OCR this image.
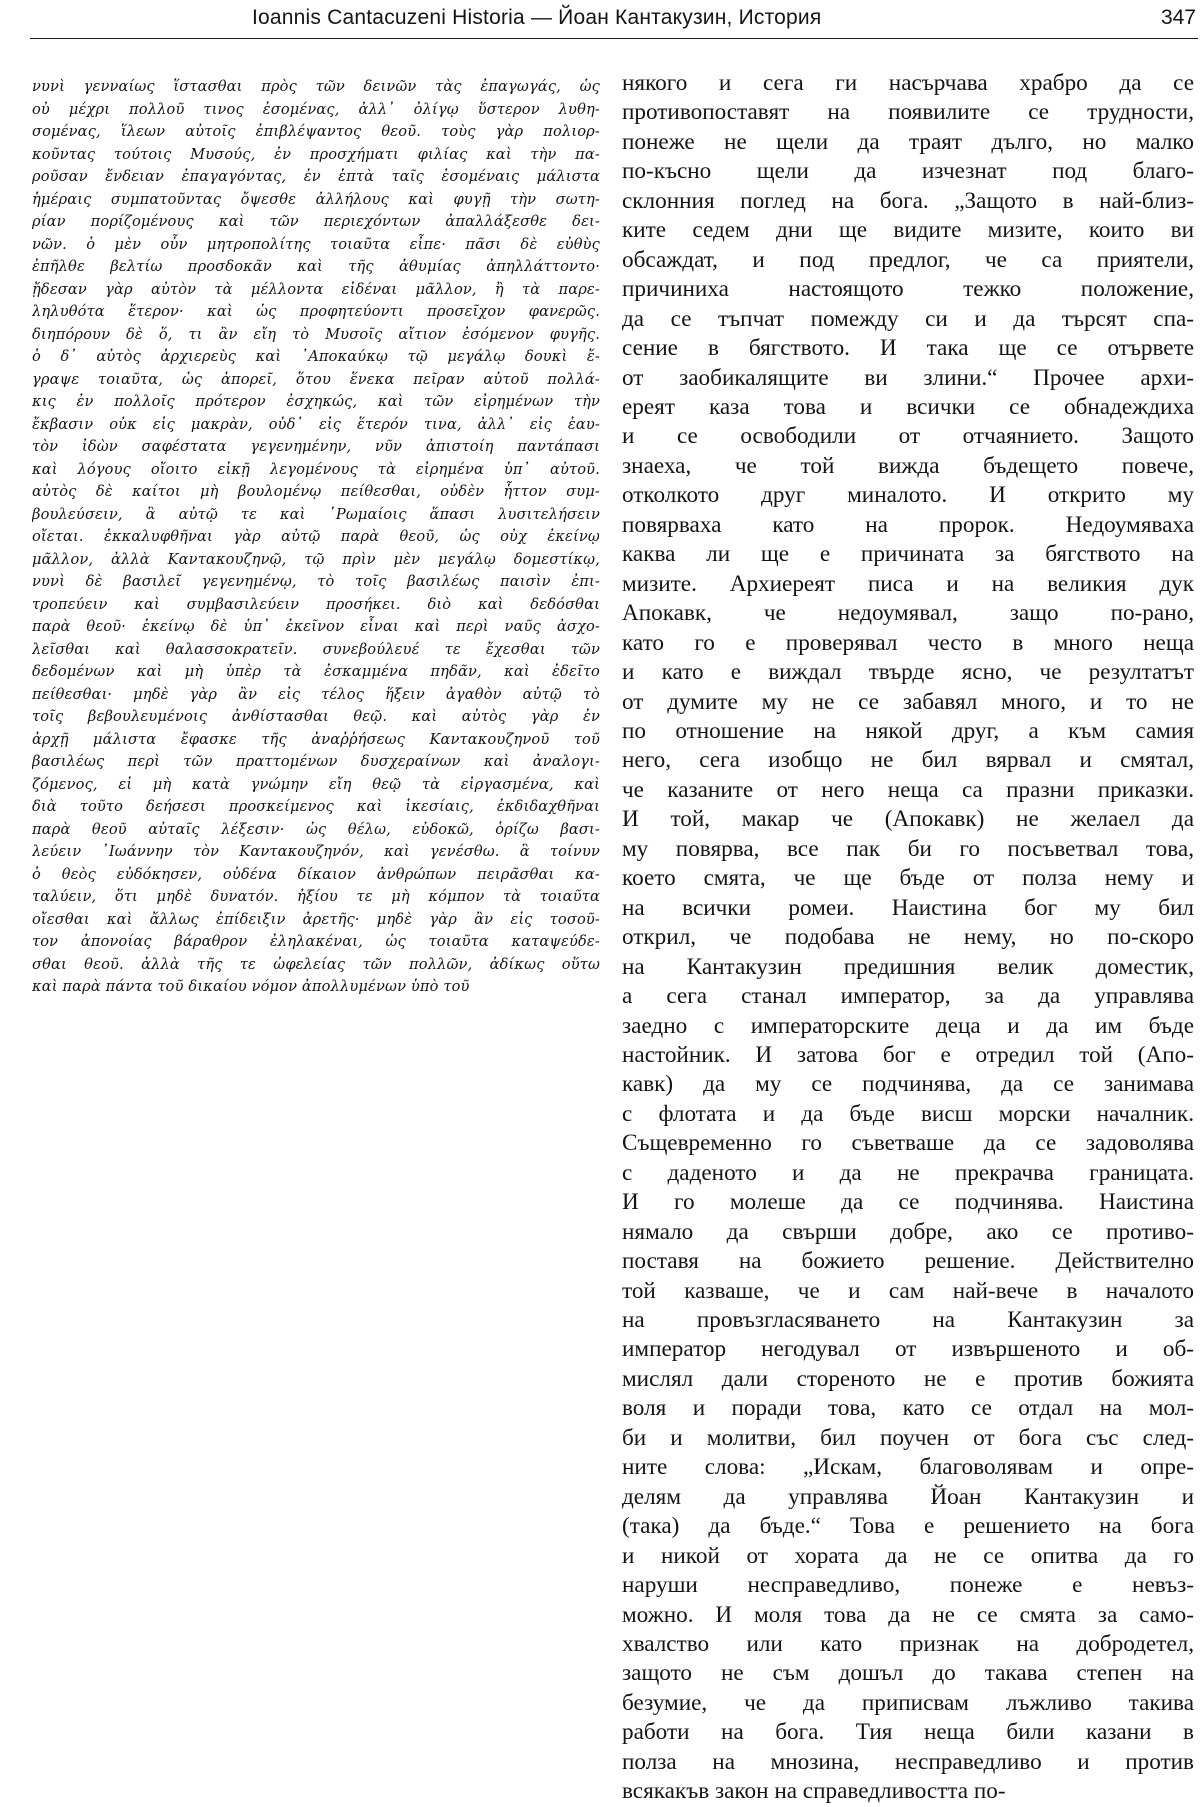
Ioannis Cantacuzeni Historia — Йоан Кантакузин, История	347
νυνὶ γενναίως ἵστασθαι πρὸς τῶν δεινῶν τὰς ἐπαγωγάς, ὡς
οὐ μέχρι πολλοῦ τινος ἐσομένας, ἀλλ᾽ ὀλίγῳ ὕστερον λυθη-
σομένας, ἵλεων αὐτοῖς ἐπιβλέψαντος θεοῦ. τοὺς γὰρ πολιορ-
κοῦντας τούτοις Μυσούς, ἐν προσχήματι φιλίας καὶ τὴν πα-
ροῦσαν ἔνδειαν ἐπαγαγόντας, ἐν ἑπτὰ ταῖς ἐσομέναις μάλιστα
ἡμέραις συμπατοῦντας ὄψεσθε ἀλλήλους καὶ φυγῇ τὴν σωτη-
ρίαν πορίζομένους καὶ τῶν περιεχόντων ἀπαλλάξεσθε δει-
νῶν. ὁ μὲν οὖν μητροπολίτης τοιαῦτα εἶπε· πᾶσι δὲ εὐθὺς
ἐπῆλθε βελτίω προσδοκᾶν καὶ τῆς ἀθυμίας ἀπηλλάττοντο·
ᾔδεσαν γὰρ αὐτὸν τὰ μέλλοντα εἰδέναι μᾶλλον, ἢ τὰ παρε-
ληλυθότα ἕτερον· καὶ ὡς προφητεύοντι προσεῖχον φανερῶς.
διηπόρουν δὲ ὅ, τι ἂν εἴη τὸ Μυσοῖς αἴτιον ἐσόμενον φυγῆς.
ὁ δ᾽ αὐτὸς ἀρχιερεὺς καὶ ᾽Αποκαύκῳ τῷ μεγάλῳ δουκὶ ἔ-
γραψε τοιαῦτα, ὡς ἀπορεῖ, ὅτου ἕνεκα πεῖραν αὐτοῦ πολλά-
κις ἐν πολλοῖς πρότερον ἐσχηκώς, καὶ τῶν εἰρημένων τὴν
ἔκβασιν οὐκ εἰς μακρὰν, οὐδ᾽ εἰς ἕτερόν τινα, ἀλλ᾽ εἰς ἑαυ-
τὸν ἰδὼν σαφέστατα γεγενημένην, νῦν ἀπιστοίη παντάπασι
καὶ λόγους οἴοιτο εἰκῇ λεγομένους τὰ εἰρημένα ὑπ᾽ αὐτοῦ.
αὐτὸς δὲ καίτοι μὴ βουλομένῳ πείθεσθαι, οὐδὲν ἧττον συμ-
βουλεύσειν, ἃ αὐτῷ τε καὶ ῾Ρωμαίοις ἅπασι λυσιτελήσειν
οἴεται. ἐκκαλυφθῆναι γὰρ αὐτῷ παρὰ θεοῦ, ὡς οὐχ ἐκείνῳ
μᾶλλον, ἀλλὰ Καντακουζηνῷ, τῷ πρὶν μὲν μεγάλῳ δομεστίκῳ,
νυνὶ δὲ βασιλεῖ γεγενημένῳ, τὸ τοῖς βασιλέως παισὶν ἐπι-
τροπεύειν καὶ συμβασιλεύειν προσήκει. διὸ καὶ δεδόσθαι
παρὰ θεοῦ· ἐκείνῳ δὲ ὑπ᾽ ἐκεῖνον εἶναι καὶ περὶ ναῦς ἀσχο-
λεῖσθαι καὶ θαλασσοκρατεῖν. συνεβούλευέ τε ἔχεσθαι τῶν
δεδομένων καὶ μὴ ὑπὲρ τὰ ἐσκαμμένα πηδᾶν, καὶ ἐδεῖτο
πείθεσθαι· μηδὲ γὰρ ἂν εἰς τέλος ἥξειν ἀγαθὸν αὐτῷ τὸ
τοῖς βεβουλευμένοις ἀνθίστασθαι θεῷ. καὶ αὐτὸς γὰρ ἐν
ἀρχῇ μάλιστα ἔφασκε τῆς ἀναῤῥήσεως Καντακουζηνοῦ τοῦ
βασιλέως περὶ τῶν πραττομένων δυσχεραίνων καὶ ἀναλογι-
ζόμενος, εἰ μὴ κατὰ γνώμην εἴη θεῷ τὰ εἰργασμένα, καὶ
διὰ τοῦτο δεήσεσι προσκείμενος καὶ ἱκεσίαις, ἐκδιδαχθῆναι
παρὰ θεοῦ αὐταῖς λέξεσιν· ὡς θέλω, εὐδοκῶ, ὁρίζω βασι-
λεύειν ᾽Ιωάννην τὸν Καντακουζηνόν, καὶ γενέσθω. ἃ τοίνυν
ὁ θεὸς εὐδόκησεν, οὐδένα δίκαιον ἀνθρώπων πειρᾶσθαι κα-
ταλύειν, ὅτι μηδὲ δυνατόν. ἠξίου τε μὴ κόμπον τὰ τοιαῦτα
οἴεσθαι καὶ ἄλλως ἐπίδειξιν ἀρετῆς· μηδὲ γὰρ ἂν εἰς τοσοῦ-
τον ἀπονοίας βάραθρον ἐληλακέναι, ὡς τοιαῦτα καταψεύδε-
σθαι θεοῦ. ἀλλὰ τῆς τε ὠφελείας τῶν πολλῶν, ἀδίκως οὕτω
καὶ παρὰ πάντα τοῦ δικαίου νόμον ἀπολλυμένων ὑπὸ τοῦ
някого и сега ги насърчава храбро да се
противопоставят на появилите се трудности,
понеже не щели да траят дълго, но малко
по-късно щели да изчезнат под благо-
склонния поглед на бога. „Защото в най-близ-
ките седем дни ще видите мизите, които ви
обсаждат, и под предлог, че са приятели,
причиниха настоящото тежко положение,
да се тъпчат помежду си и да търсят спа-
сение в бягството. И така ще се отървете
от заобикалящите ви злини.“ Прочее архи-
ереят каза това и всички се обнадеждиха
и се освободили от отчаянието. Защото
знаеха, че той вижда бъдещето повече,
отколкото друг миналото. И открито му
повярваха като на пророк. Недоумяваха
каква ли ще е причината за бягството на
мизите. Архиереят писа и на великия дук
Апокавк, че недоумявал, защо по-рано,
като го е проверявал често в много неща
и като е виждал твърде ясно, че резултатът
от думите му не се забавял много, и то не
по отношение на някой друг, а към самия
него, сега изобщо не бил вярвал и смятал,
че казаните от него неща са празни приказки.
И той, макар че (Апокавк) не желаел да
му повярва, все пак би го посъветвал това,
което смята, че ще бъде от полза нему и
на всички ромеи. Наистина бог му бил
открил, че подобава не нему, но по-скоро
на Кантакузин предишния велик доместик,
а сега станал император, за да управлява
заедно с императорските деца и да им бъде
настойник. И затова бог е отредил той (Апо-
кавк) да му се подчинява, да се занимава
с флотата и да бъде висш морски началник.
Същевременно го съветваше да се задоволява
с даденото и да не прекрачва границата.
И го молеше да се подчинява. Наистина
нямало да свърши добре, ако се противо-
поставя на божието решение. Действително
той казваше, че и сам най-вече в началото
на провъзгласяването на Кантакузин за
император негодувал от извършеното и об-
мислял дали стореното не е против божията
воля и поради това, като се отдал на мол-
би и молитви, бил поучен от бога със след-
ните слова: „Искам, благоволявам и опре-
делям да управлява Йоан Кантакузин и
(така) да бъде.“ Това е решението на бога
и никой от хората да не се опитва да го
наруши несправедливо, понеже е невъз-
можно. И моля това да не се смята за само-
хвалство или като признак на добродетел,
защото не съм дошъл до такава степен на
безумие, че да приписвам лъжливо такива
работи на бога. Тия неща били казани в
полза на мнозина, несправедливо и против
всякакъв закон на справедливостта по-
